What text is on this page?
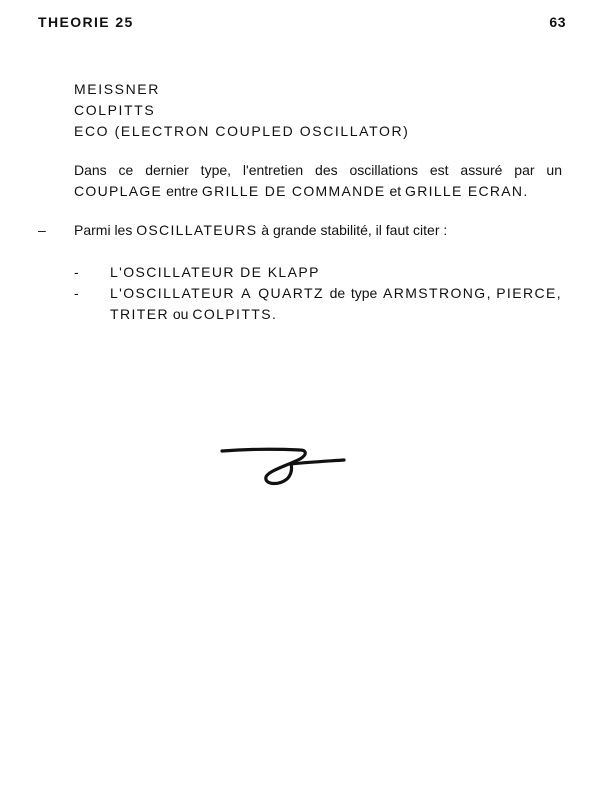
THEORIE 25	63
MEISSNER
COLPITTS
ECO (ELECTRON COUPLED OSCILLATOR)

Dans ce dernier type, l'entretien des oscillations est assuré par un COUPLAGE entre GRILLE DE COMMANDE et GRILLE ECRAN.

– Parmi les OSCILLATEURS à grande stabilité, il faut citer :

-	L'OSCILLATEUR DE KLAPP
-	L'OSCILLATEUR A QUARTZ de type ARMSTRONG, PIERCE, TRITER ou COLPITTS.
